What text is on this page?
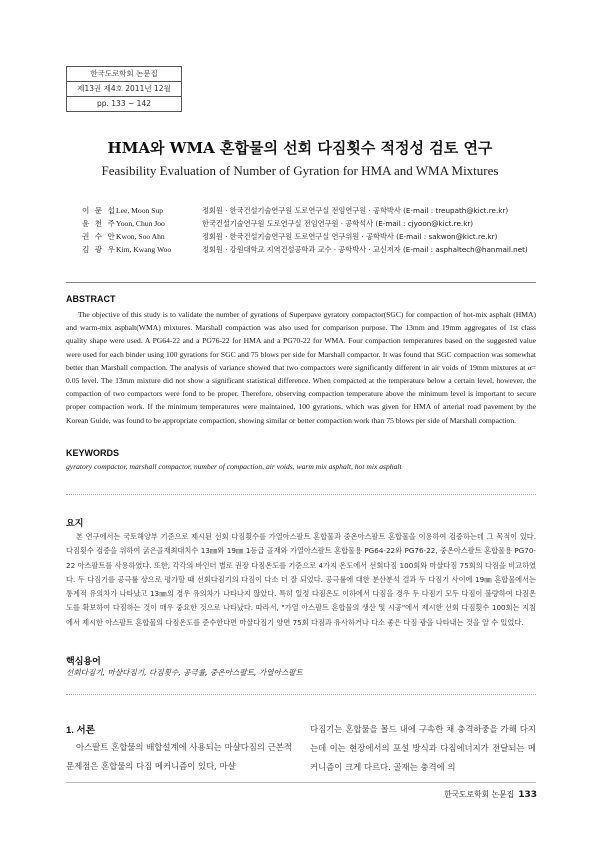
한국도로학회 논문집
제13권 제4호 2011년 12월
pp. 133 ~ 142
HMA와 WMA 혼합물의 선회 다짐횟수 적정성 검토 연구
Feasibility Evaluation of Number of Gyration for HMA and WMA Mixtures
이 문 섭Lee, Moon Sup	정회원 · 한국건설기술연구원 도로연구실 전임연구원 · 공학박사 (E-mail : treupath@kict.re.kr)
윤 천 주Yoon, Chun Joo	한국건설기술연구원 도로연구실 전임연구원 · 공학석사 (E-mail : cjyoon@kict.re.kr)
권 수 안Kwon, Soo Ahn	정회원 · 한국건설기술연구원 도로연구실 연구위원 · 공학박사 (E-mail : sakwon@kict.re.kr)
김 광 우Kim, Kwang Woo	정회원 · 강원대학교 지역건설공학과 교수 · 공학박사 · 교신저자 (E-mail : asphaltech@hanmail.net)
ABSTRACT
The objective of this study is to validate the number of gyrations of Superpave gyratory compactor(SGC) for compaction of hot-mix asphalt (HMA) and warm-mix asphalt(WMA) mixtures. Marshall compaction was also used for comparison purpose. The 13mm and 19mm aggregates of 1st class quality shape were used. A PG64-22 and a PG76-22 for HMA and a PG70-22 for WMA. Four compaction temperatures based on the suggested value were used for each binder using 100 gyrations for SGC and 75 blows per side for Marshall compactor. It was found that SGC compaction was somewhat better than Marshall compaction. The analysis of variance showed that two compactors were significantly different in air voids of 19mm mixtures at α= 0.05 level. The 13mm mixture did not show a significant statistical difference. When compacted at the temperature below a certain level, however, the compaction of two compactors were fond to be proper. Therefore, observing compaction temperature above the minimum level is important to secure proper compaction work. If the minimum temperatures were maintained, 100 gyrations, which was given for HMA of arterial road pavement by the Korean Guide, was found to be appropriate compaction, showing similar or better compaction work than 75 blows per side of Marshall compaction.
KEYWORDS
gyratory compactor, marshall compactor, number of compaction, air voids, warm mix asphalt, hot mix asphalt
요지
본 연구에서는 국토해양부 기준으로 제시된 선회 다짐횟수를 가열아스팔트 혼합물과 중온아스팔트 혼합물을 이용하여 검증하는데 그 목적이 있다. 다짐횟수 검증을 위하여 굵은골재최대치수 13㎜와 19㎜ 1등급 골재와 가열아스팔트 혼합물용 PG64-22와 PG76-22, 중온아스팔트 혼합물용 PG70-22 아스팔트를 사용하였다. 또한, 각각의 바인더 별로 권장 다짐온도를 기준으로 4가지 온도에서 선회다짐 100회와 마샬다짐 75회의 다짐을 비교하였다. 두 다짐기를 공극률 상으로 평가할 때 선회다짐기의 다짐이 다소 더 잘 되었다. 공극률에 대한 분산분석 결과 두 다짐기 사이에 19㎜ 혼합물에서는 통계적 유의차가 나타났고 13㎜의 경우 유의차가 나타나지 않았다. 특히 일정 다짐온도 이하에서 다짐을 경우 두 다짐기 모두 다짐이 불량하여 다짐온도를 확보하여 다짐하는 것이 매우 중요한 것으로 나타났다. 따라서, "가열 아스팔트 혼합물의 생산 및 시공"에서 제시한 선회 다짐횟수 100회는 지침에서 제시한 아스팔트 혼합물의 다짐온도를 준수한다면 마샬다짐기 양면 75회 다짐과 유사하거나 다소 좋은 다짐 광을 나타내는 것을 알 수 있었다.
핵심용어
선회다짐기, 마샬다짐기, 다짐횟수, 공극률, 중온아스팔트, 가열아스팔트
1. 서론
아스팔트 혼합물의 배합설계에 사용되는 마샬다짐의 근본적 문제점은 혼합물의 다짐 메커니즘이 있다, 마샬
다짐기는 혼합물을 몰드 내에 구속한 채 충격하중을 가해 다지는데 이는 현장에서의 포설 방식과 다짐에너지가 전달되는 메커니즘이 크게 다르다. 골재는 충격에 의
한국도로학회 논문집 133
